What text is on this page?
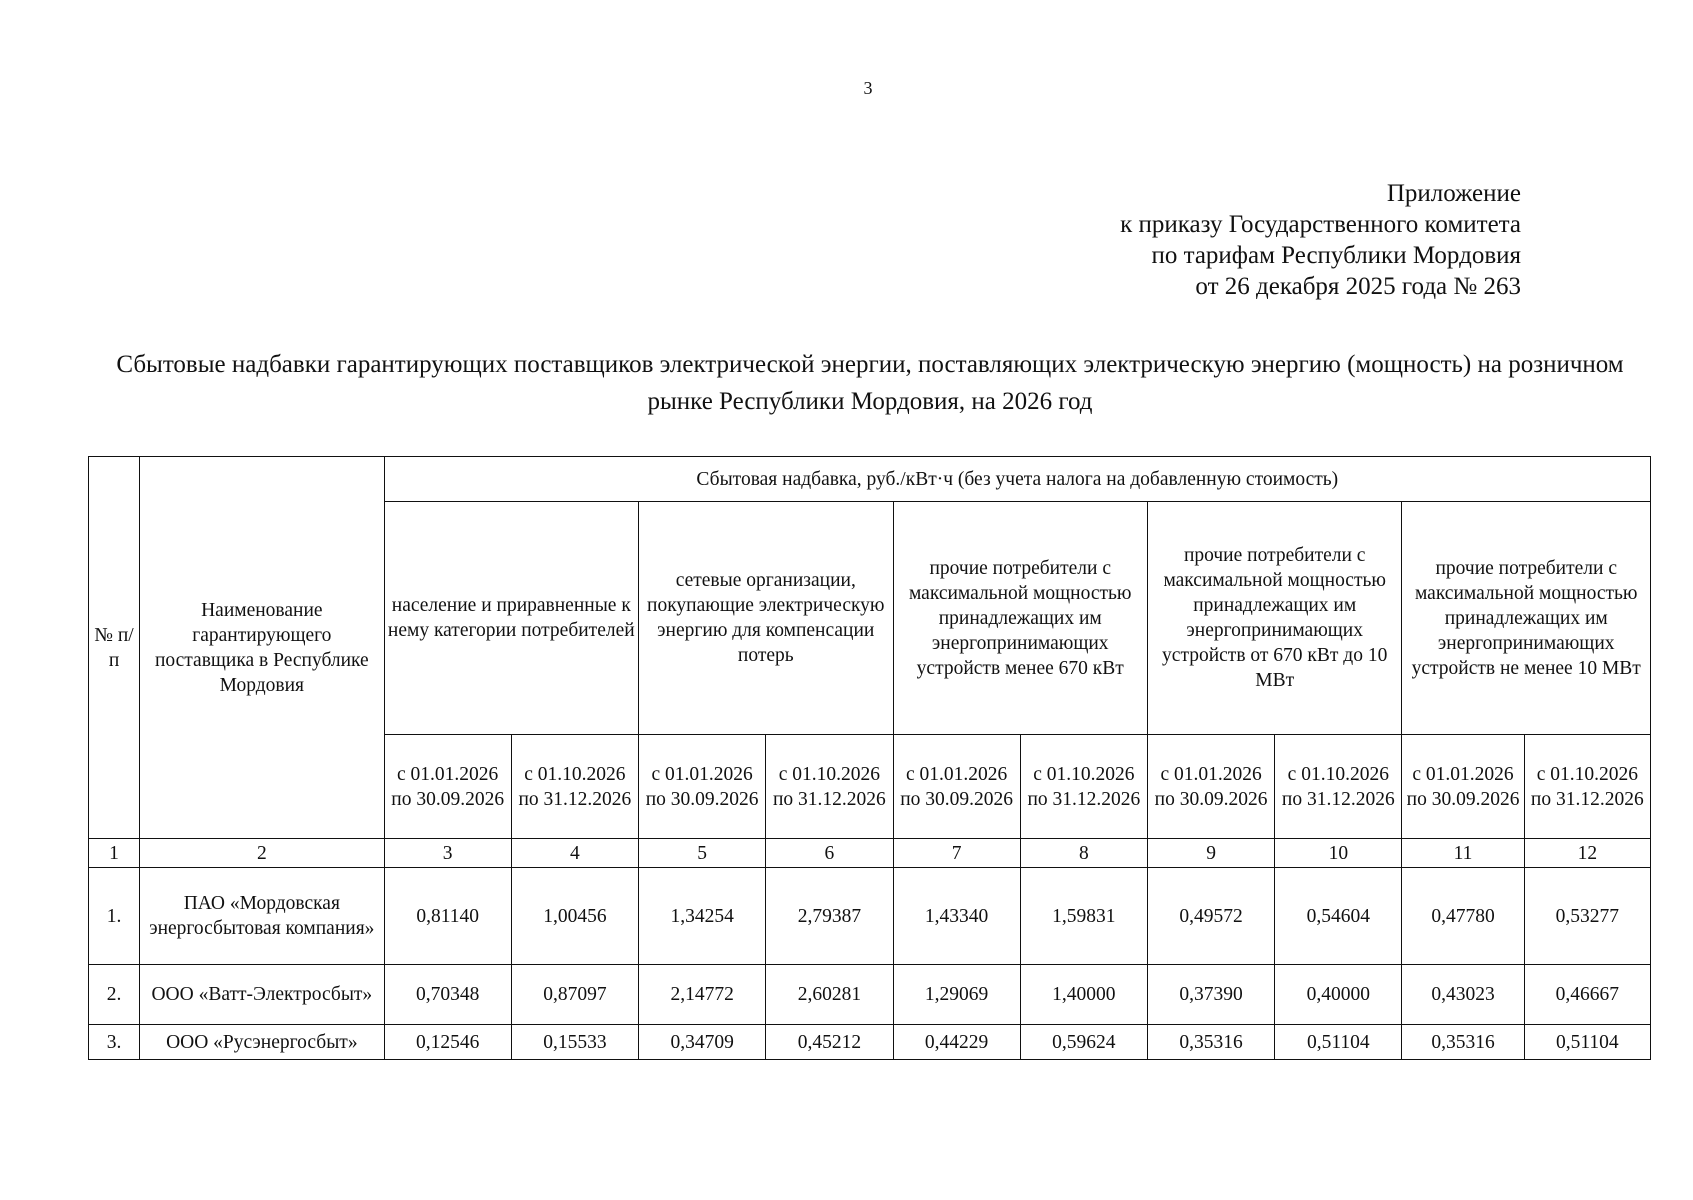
3
Приложение
к приказу Государственного комитета
по тарифам Республики Мордовия
от 26 декабря 2025 года № 263
Сбытовые надбавки гарантирующих поставщиков электрической энергии, поставляющих электрическую энергию (мощность) на розничном рынке Республики Мордовия, на 2026 год
№ п/п	Наименование гарантирующего поставщика в Республике Мордовия	Сбытовая надбавка, руб./кВт·ч (без учета налога на добавленную стоимость)									
		население и приравненные к нему категории потребителей		сетевые организации, покупающие электрическую энергию для компенсации потерь		прочие потребители с максимальной мощностью принадлежащих им энергопринимающих устройств менее 670 кВт		прочие потребители с максимальной мощностью принадлежащих им энергопринимающих устройств от 670 кВт до 10 МВт		прочие потребители с максимальной мощностью принадлежащих им энергопринимающих устройств не менее 10 МВт	
		с 01.01.2026 по 30.09.2026	с 01.10.2026 по 31.12.2026	с 01.01.2026 по 30.09.2026	с 01.10.2026 по 31.12.2026	с 01.01.2026 по 30.09.2026	с 01.10.2026 по 31.12.2026	с 01.01.2026 по 30.09.2026	с 01.10.2026 по 31.12.2026	с 01.01.2026 по 30.09.2026	с 01.10.2026 по 31.12.2026
1	2	3	4	5	6	7	8	9	10	11	12
1.	ПАО «Мордовская энергосбытовая компания»	0,81140	1,00456	1,34254	2,79387	1,43340	1,59831	0,49572	0,54604	0,47780	0,53277
2.	ООО «Ватт-Электросбыт»	0,70348	0,87097	2,14772	2,60281	1,29069	1,40000	0,37390	0,40000	0,43023	0,46667
3.	ООО «Русэнергосбыт»	0,12546	0,15533	0,34709	0,45212	0,44229	0,59624	0,35316	0,51104	0,35316	0,51104
